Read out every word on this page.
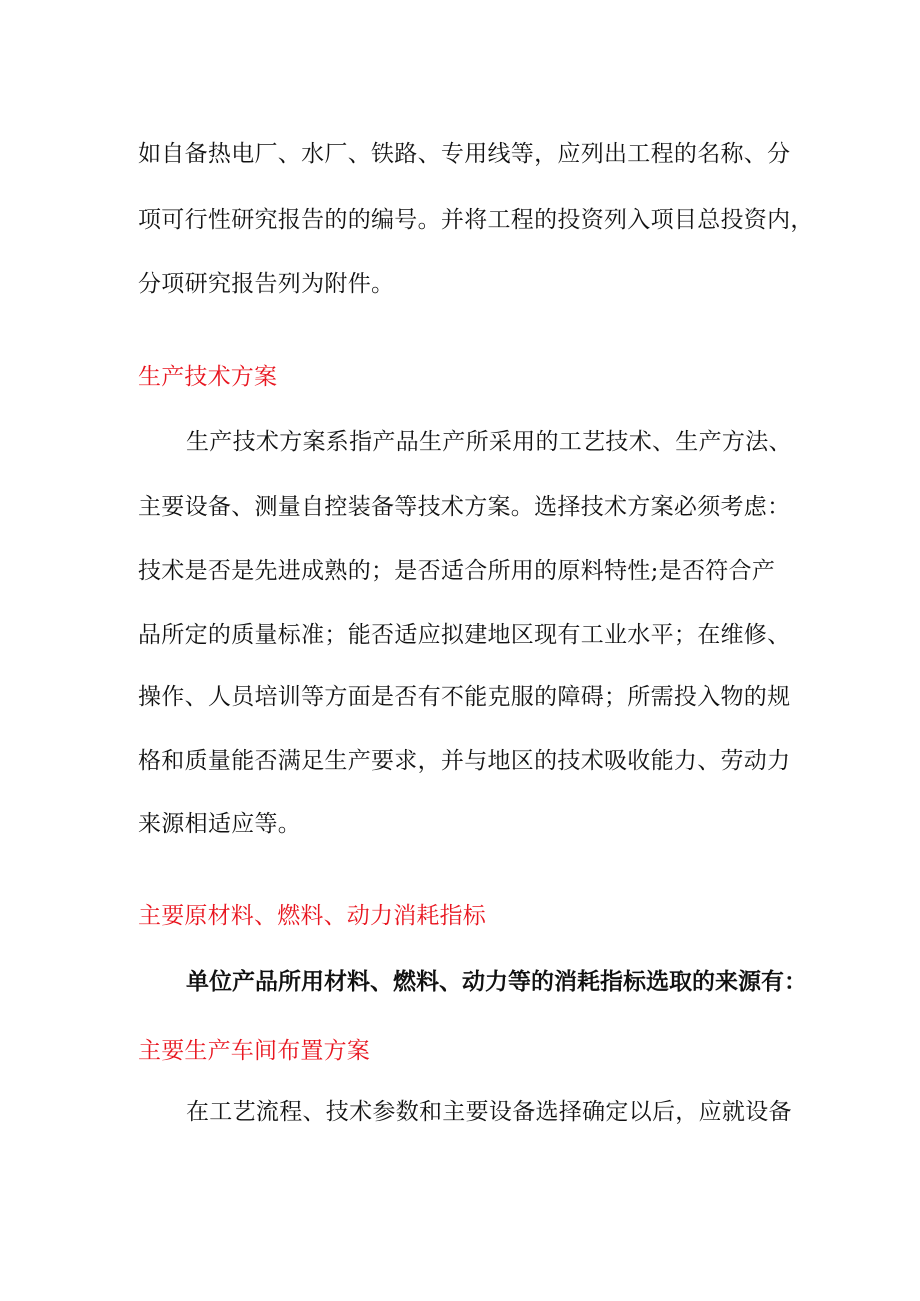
如自备热电厂、水厂、铁路、专用线等，应列出工程的名称、分
项可行性研究报告的的编号。并将工程的投资列入项目总投资内，
分项研究报告列为附件。
生产技术方案
生产技术方案系指产品生产所采用的工艺技术、生产方法、
主要设备、测量自控装备等技术方案。选择技术方案必须考虑：
技术是否是先进成熟的；是否适合所用的原料特性;是否符合产
品所定的质量标准；能否适应拟建地区现有工业水平；在维修、
操作、人员培训等方面是否有不能克服的障碍；所需投入物的规
格和质量能否满足生产要求，并与地区的技术吸收能力、劳动力
来源相适应等。
主要原材料、燃料、动力消耗指标
单位产品所用材料、燃料、动力等的消耗指标选取的来源有：
主要生产车间布置方案
在工艺流程、技术参数和主要设备选择确定以后，应就设备
